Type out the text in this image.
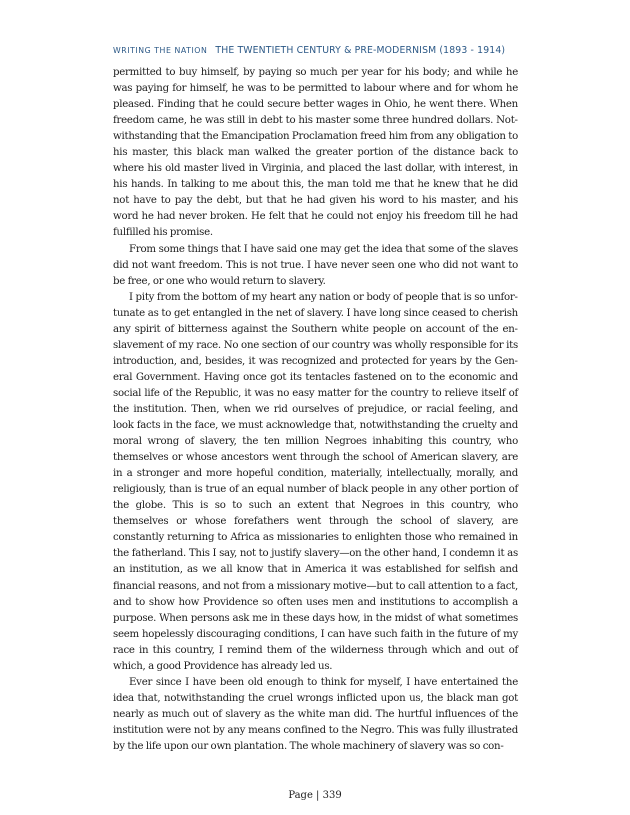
WRITING THE NATION THE TWENTIETH CENTURY & PRE-MODERNISM (1893 - 1914)

permitted to buy himself, by paying so much per year for his body; and while he was paying for himself, he was to be permitted to labour where and for whom he pleased. Finding that he could secure better wages in Ohio, he went there. When freedom came, he was still in debt to his master some three hundred dollars. Notwithstanding that the Emancipation Proclamation freed him from any obligation to his master, this black man walked the greater portion of the distance back to where his old master lived in Virginia, and placed the last dollar, with interest, in his hands. In talking to me about this, the man told me that he knew that he did not have to pay the debt, but that he had given his word to his master, and his word he had never broken. He felt that he could not enjoy his freedom till he had fulfilled his promise.

From some things that I have said one may get the idea that some of the slaves did not want freedom. This is not true. I have never seen one who did not want to be free, or one who would return to slavery.

I pity from the bottom of my heart any nation or body of people that is so unfortunate as to get entangled in the net of slavery. I have long since ceased to cherish any spirit of bitterness against the Southern white people on account of the enslavement of my race. No one section of our country was wholly responsible for its introduction, and, besides, it was recognized and protected for years by the General Government. Having once got its tentacles fastened on to the economic and social life of the Republic, it was no easy matter for the country to relieve itself of the institution. Then, when we rid ourselves of prejudice, or racial feeling, and look facts in the face, we must acknowledge that, notwithstanding the cruelty and moral wrong of slavery, the ten million Negroes inhabiting this country, who themselves or whose ancestors went through the school of American slavery, are in a stronger and more hopeful condition, materially, intellectually, morally, and religiously, than is true of an equal number of black people in any other portion of the globe. This is so to such an extent that Negroes in this country, who themselves or whose forefathers went through the school of slavery, are constantly returning to Africa as missionaries to enlighten those who remained in the fatherland. This I say, not to justify slavery—on the other hand, I condemn it as an institution, as we all know that in America it was established for selfish and financial reasons, and not from a missionary motive—but to call attention to a fact, and to show how Providence so often uses men and institutions to accomplish a purpose. When persons ask me in these days how, in the midst of what sometimes seem hopelessly discouraging conditions, I can have such faith in the future of my race in this country, I remind them of the wilderness through which and out of which, a good Providence has already led us.

Ever since I have been old enough to think for myself, I have entertained the idea that, notwithstanding the cruel wrongs inflicted upon us, the black man got nearly as much out of slavery as the white man did. The hurtful influences of the institution were not by any means confined to the Negro. This was fully illustrated by the life upon our own plantation. The whole machinery of slavery was so con-

Page | 339
